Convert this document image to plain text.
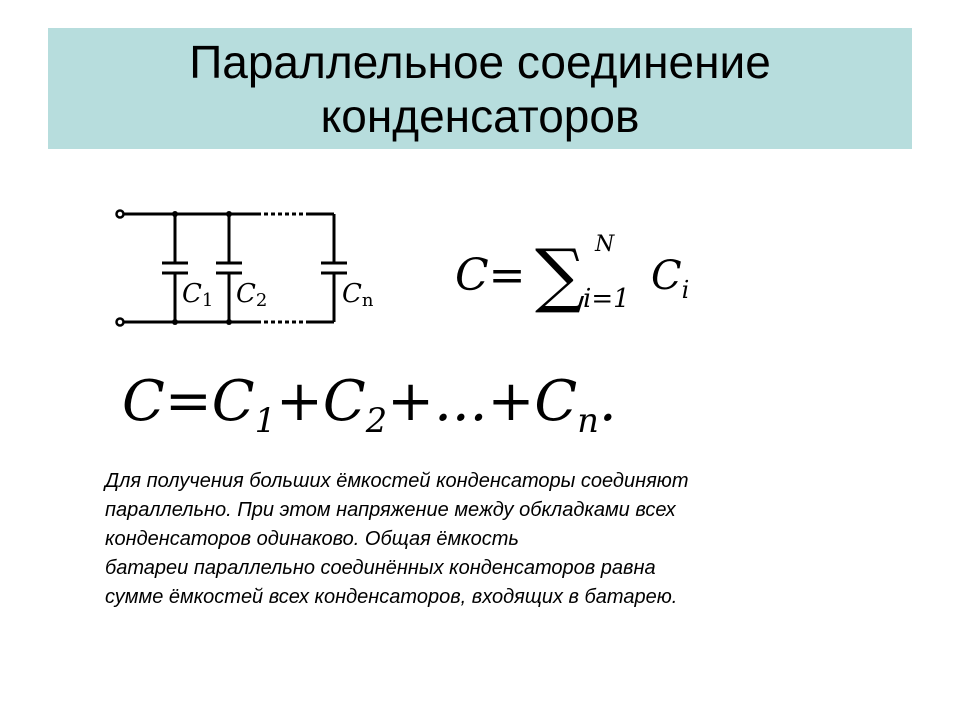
Параллельное соединение
конденсаторов
C1 C2	Cn C= ∑ N
i=1 $C_i$
$C=C_1+C_2+...+C_n$.
Для получения больших ёмкостей конденсаторы соединяют
параллельно. При этом напряжение между обкладками всех
конденсаторов одинаково. Общая ёмкость
батареи параллельно соединённых конденсаторов равна
сумме ёмкостей всех конденсаторов, входящих в батарею.
